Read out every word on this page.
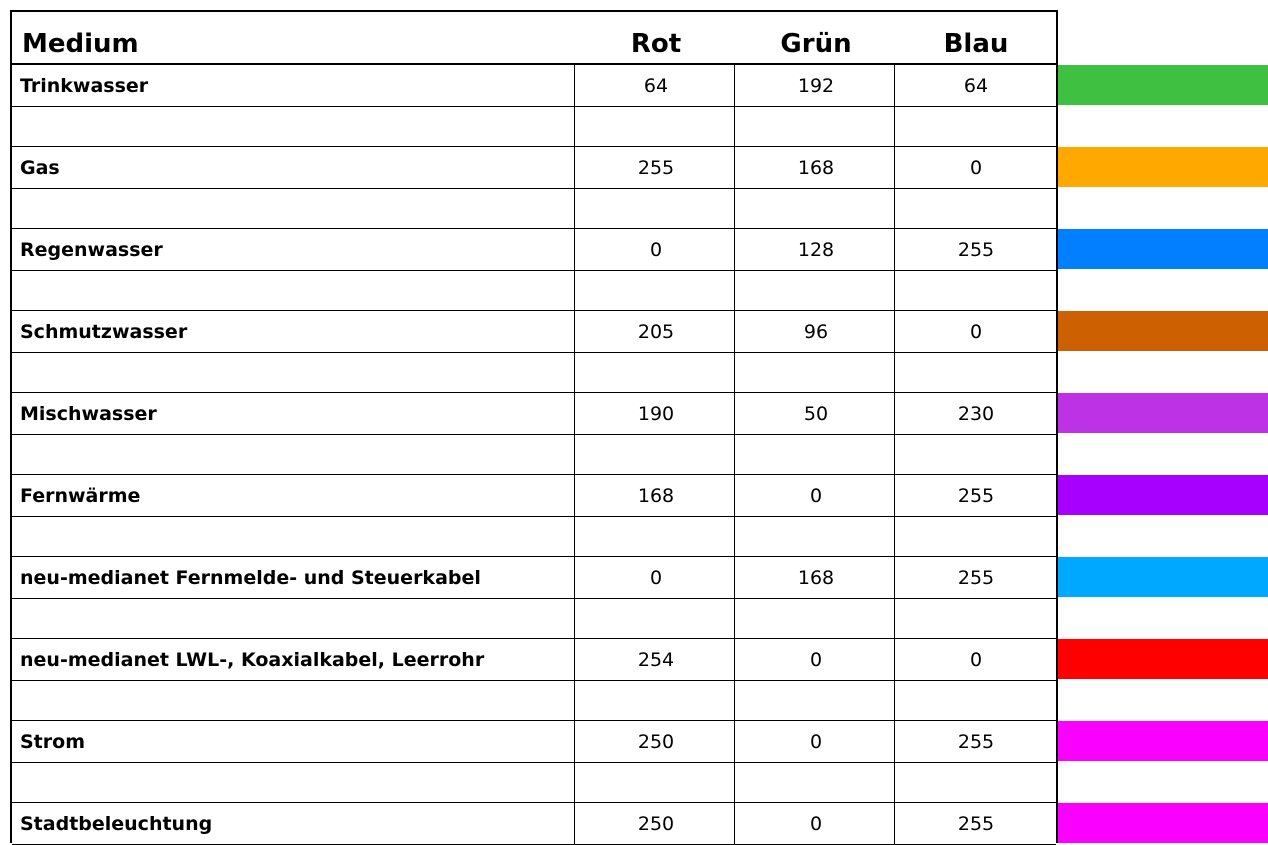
Medium	Rot	Grün	Blau
Trinkwasser	64	192	64
Gas	255	168	0
Regenwasser	0	128	255
Schmutzwasser	205	96	0
Mischwasser	190	50	230
Fernwärme	168	0	255
neu-medianet Fernmelde- und Steuerkabel	0	168	255
neu-medianet LWL-, Koaxialkabel, Leerrohr	254	0	0
Strom	250	0	255
Stadtbeleuchtung	250	0	255
